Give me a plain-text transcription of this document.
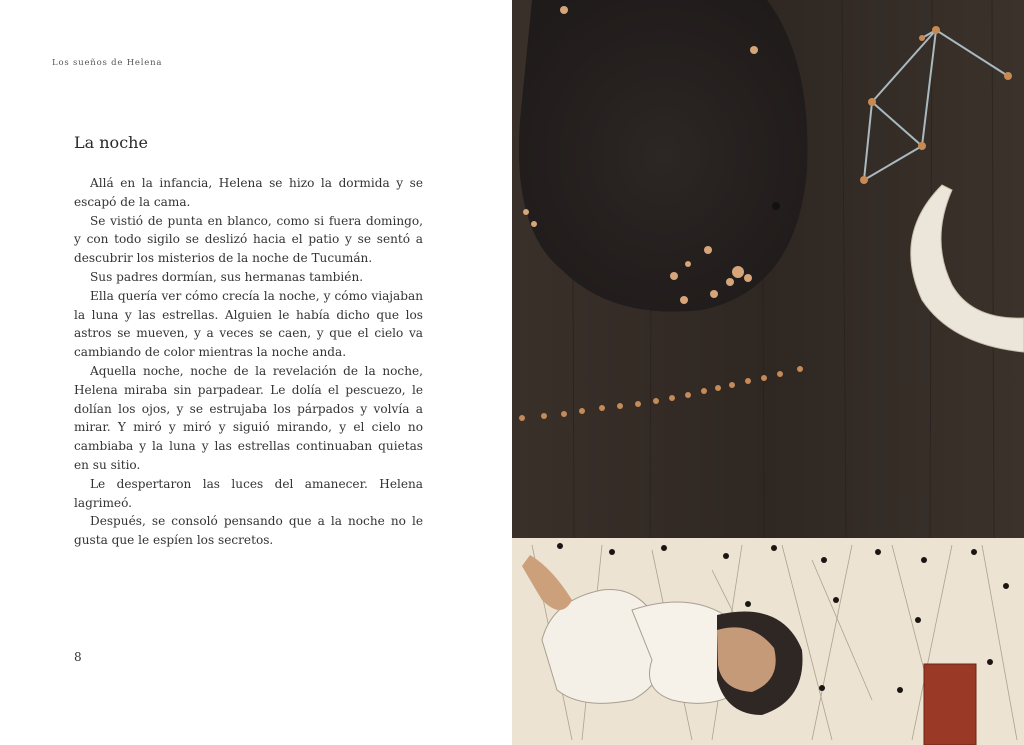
Los sueños de Helena
La noche

Allá en la infancia, Helena se hizo la dormida y se escapó de la cama.

Se vistió de punta en blanco, como si fuera domingo, y con todo sigilo se deslizó hacia el patio y se sentó a descubrir los misterios de la noche de Tucumán.

Sus padres dormían, sus hermanas también.

Ella quería ver cómo crecía la noche, y cómo viajaban la luna y las estrellas. Alguien le había dicho que los astros se mueven, y a veces se caen, y que el cielo va cambiando de color mientras la noche anda.

Aquella noche, noche de la revelación de la noche, Helena miraba sin parpadear. Le dolía el pescuezo, le dolían los ojos, y se estrujaba los párpados y volvía a mirar. Y miró y miró y siguió mirando, y el cielo no cambiaba y la luna y las estrellas continuaban quietas en su sitio.

Le despertaron las luces del amanecer. Helena lagrimeó.

Después, se consoló pensando que a la noche no le gusta que le espíen los secretos.

8
